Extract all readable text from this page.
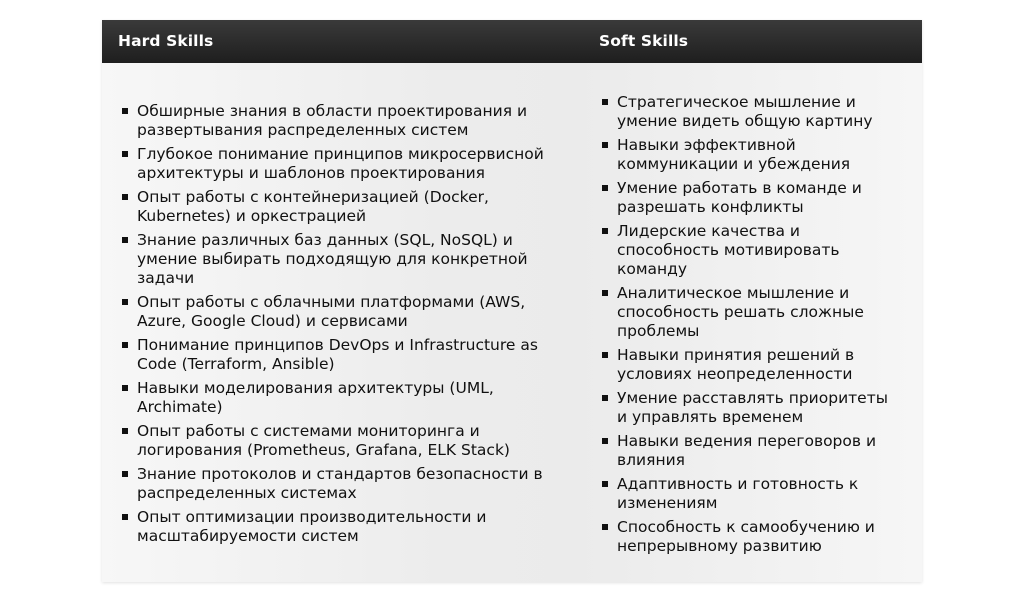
Hard Skills	Soft Skills
Обширные знания в области проектирования и развертывания распределенных систем
Глубокое понимание принципов микросервисной архитектуры и шаблонов проектирования
Опыт работы с контейнеризацией (Docker, Kubernetes) и оркестрацией
Знание различных баз данных (SQL, NoSQL) и умение выбирать подходящую для конкретной задачи
Опыт работы с облачными платформами (AWS, Azure, Google Cloud) и сервисами
Понимание принципов DevOps и Infrastructure as Code (Terraform, Ansible)
Навыки моделирования архитектуры (UML, Archimate)
Опыт работы с системами мониторинга и логирования (Prometheus, Grafana, ELK Stack)
Знание протоколов и стандартов безопасности в распределенных системах
Опыт оптимизации производительности и масштабируемости систем
Стратегическое мышление и умение видеть общую картину
Навыки эффективной коммуникации и убеждения
Умение работать в команде и разрешать конфликты
Лидерские качества и способность мотивировать команду
Аналитическое мышление и способность решать сложные проблемы
Навыки принятия решений в условиях неопределенности
Умение расставлять приоритеты и управлять временем
Навыки ведения переговоров и влияния
Адаптивность и готовность к изменениям
Способность к самообучению и непрерывному развитию
